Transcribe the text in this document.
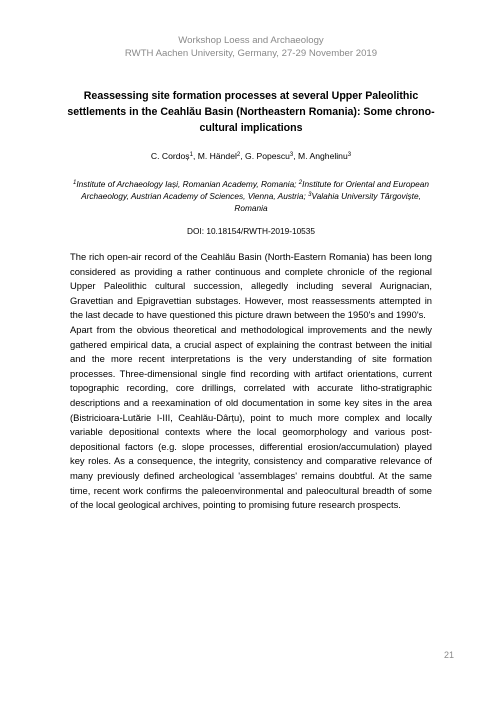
Workshop Loess and Archaeology
RWTH Aachen University, Germany, 27-29 November 2019
Reassessing site formation processes at several Upper Paleolithic settlements in the Ceahlău Basin (Northeastern Romania): Some chrono-cultural implications
C. Cordoș$^1$, M. Händel$^2$, G. Popescu$^3$, M. Anghelinu$^3$
$^1$Institute of Archaeology Iași, Romanian Academy, Romania; $^2$Institute for Oriental and European Archaeology, Austrian Academy of Sciences, Vienna, Austria; $^3$Valahia University Târgoviște, Romania
DOI: 10.18154/RWTH-2019-10535

The rich open-air record of the Ceahlău Basin (North-Eastern Romania) has been long considered as providing a rather continuous and complete chronicle of the regional Upper Paleolithic cultural succession, allegedly including several Aurignacian, Gravettian and Epigravettian substages. However, most reassessments attempted in the last decade to have questioned this picture drawn between the 1950's and 1990's.

Apart from the obvious theoretical and methodological improvements and the newly gathered empirical data, a crucial aspect of explaining the contrast between the initial and the more recent interpretations is the very understanding of site formation processes. Three-dimensional single find recording with artifact orientations, current topographic recording, core drillings, correlated with accurate litho-stratigraphic descriptions and a reexamination of old documentation in some key sites in the area (Bistricioara-Lutărie I-III, Ceahlău-Dârțu), point to much more complex and locally variable depositional contexts where the local geomorphology and various post-depositional factors (e.g. slope processes, differential erosion/accumulation) played key roles. As a consequence, the integrity, consistency and comparative relevance of many previously defined archeological 'assemblages' remains doubtful. At the same time, recent work confirms the paleoenvironmental and paleocultural breadth of some of the local geological archives, pointing to promising future research prospects.

21
